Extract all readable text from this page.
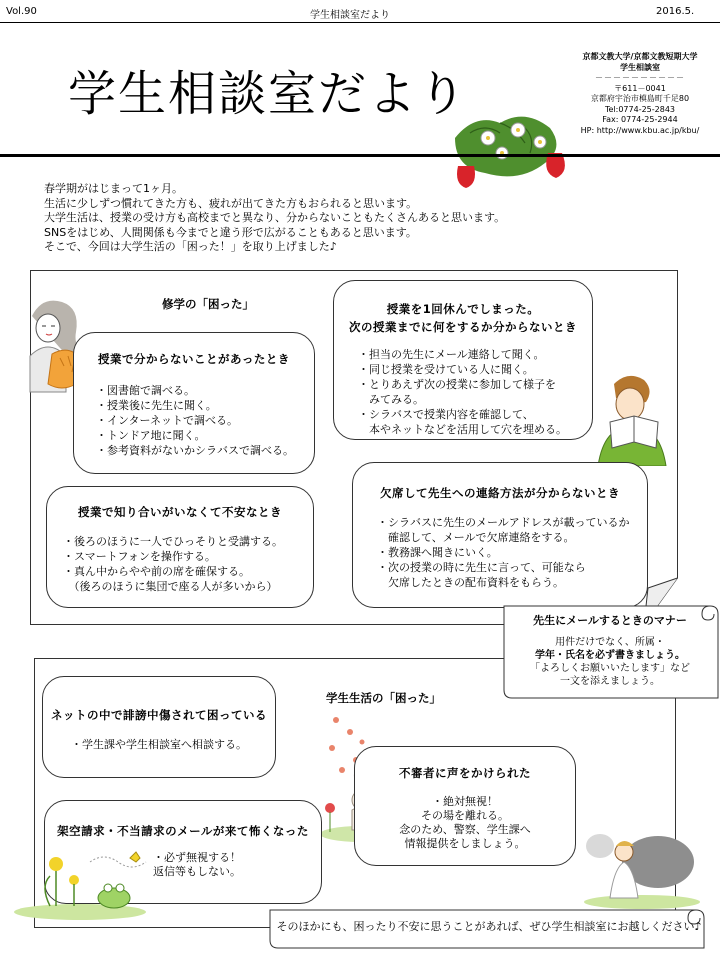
Vol.90	学生相談室だより	2016.5.
学生相談室だより
京都文教大学/京都文教短期大学
学生相談室
－－－－－－－－－－
〒611－0041
京都府宇治市槙島町千足80
Tel:0774-25-2843
Fax: 0774-25-2944
HP: http://www.kbu.ac.jp/kbu/
春学期がはじまって1ヶ月。
生活に少しずつ慣れてきた方も、疲れが出てきた方もおられると思います。
大学生活は、授業の受け方も高校までと異なり、分からないこともたくさんあると思います。
SNSをはじめ、人間関係も今までと違う形で広がることもあると思います。
そこで、今回は大学生活の「困った！」を取り上げました♪
修学の「困った」
授業で分からないことがあったとき
・図書館で調べる。
・授業後に先生に聞く。
・インターネットで調べる。
・トンドア地に聞く。
・参考資料がないかシラバスで調べる。
授業を1回休んでしまった。
次の授業までに何をするか分からないとき
・担当の先生にメール連絡して聞く。
・同じ授業を受けている人に聞く。
・とりあえず次の授業に参加して様子を
　みてみる。
・シラバスで授業内容を確認して、
　本やネットなどを活用して穴を埋める。
授業で知り合いがいなくて不安なとき
・後ろのほうに一人でひっそりと受講する。
・スマートフォンを操作する。
・真ん中からやや前の席を確保する。
　（後ろのほうに集団で座る人が多いから）
欠席して先生への連絡方法が分からないとき
・シラバスに先生のメールアドレスが載っているか
　確認して、メールで欠席連絡をする。
・教務課へ聞きにいく。
・次の授業の時に先生に言って、可能なら
　欠席したときの配布資料をもらう。
学生生活の「困った」
先生にメールするときのマナー
用件だけでなく、所属・
学年・氏名を必ず書きましょう。
「よろしくお願いいたします」など
一文を添えましょう。
ネットの中で誹謗中傷されて困っている
・学生課や学生相談室へ相談する。
不審者に声をかけられた
・絶対無視！
その場を離れる。
念のため、警察、学生課へ
情報提供をしましょう。
架空請求・不当請求のメールが来て怖くなった
・必ず無視する！
返信等もしない。
そのほかにも、困ったり不安に思うことがあれば、ぜひ学生相談室にお越しください♪
